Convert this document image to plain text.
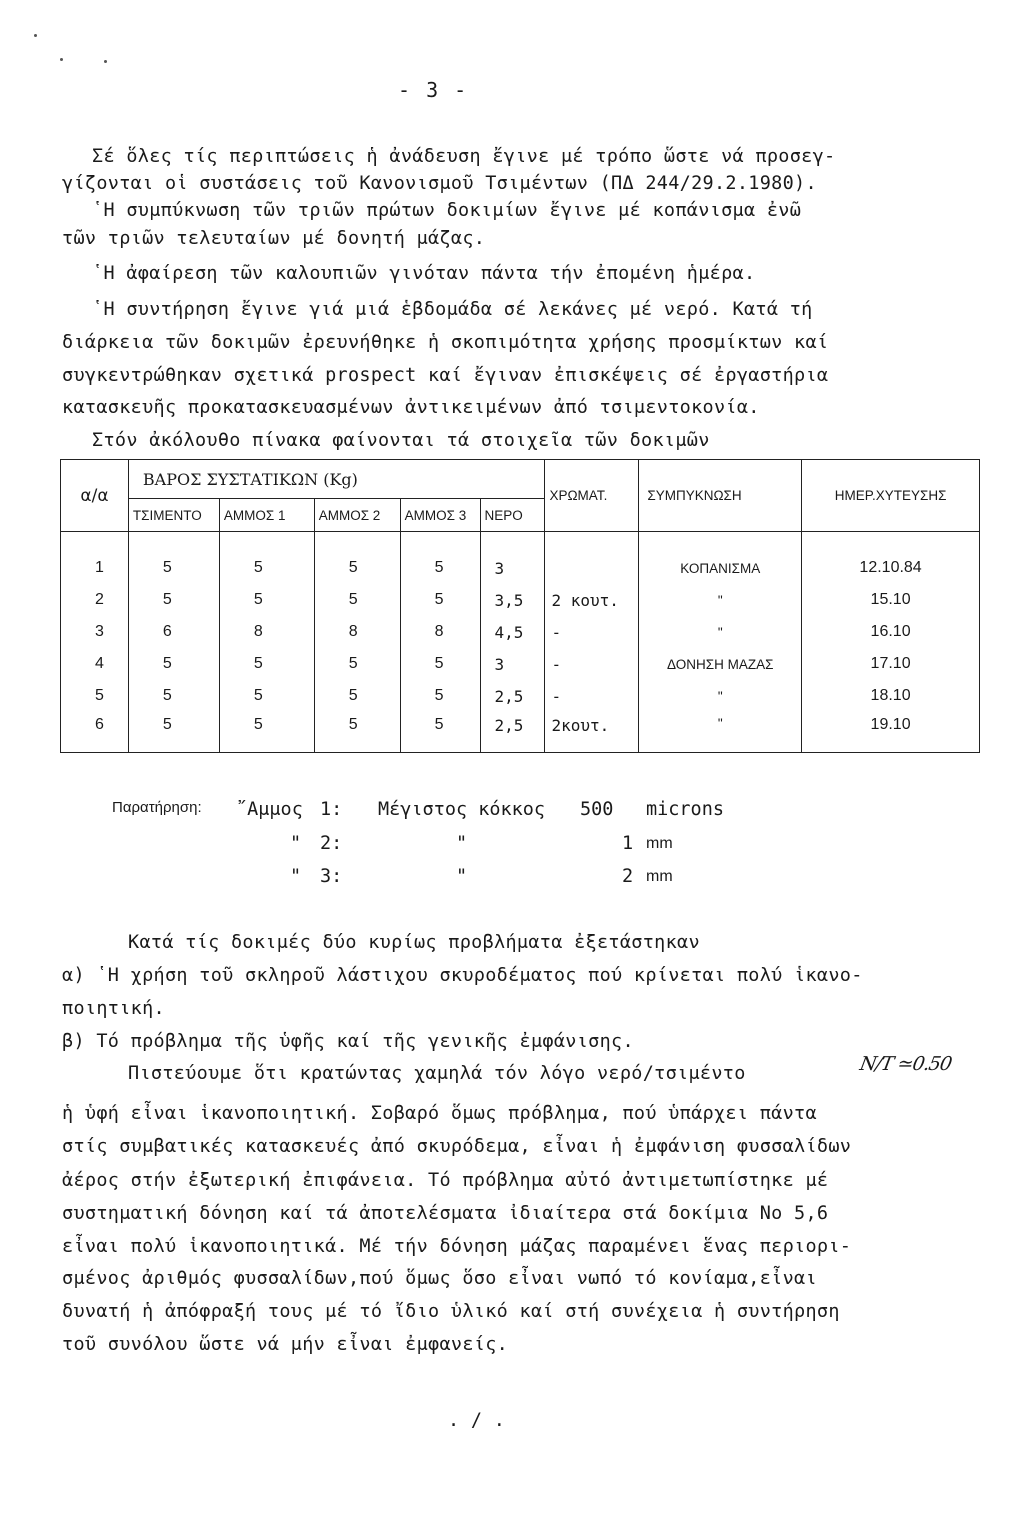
- 3 -
Σέ ὅλες τίς περιπτώσεις ἡ ἀνάδευση ἔγινε μέ τρόπο ὥστε νά προσεγ-
γίζονται οἱ συστάσεις τοῦ Κανονισμοῦ Τσιμέντων (ΠΔ 244/29.2.1980).
῾Η συμπύκνωση τῶν τριῶν πρώτων δοκιμίων ἔγινε μέ κοπάνισμα ἐνῶ
τῶν τριῶν τελευταίων μέ δονητή μάζας.
῾Η ἀφαίρεση τῶν καλουπιῶν γινόταν πάντα τήν ἐπομένη ἡμέρα.
῾Η συντήρηση ἔγινε γιά μιά ἑβδομάδα σέ λεκάνες μέ νερό. Κατά τή
διάρκεια τῶν δοκιμῶν ἐρευνήθηκε ἡ σκοπιμότητα χρήσης προσμίκτων καί
συγκεντρώθηκαν σχετικά prospect καί ἔγιναν ἐπισκέψεις σέ ἐργαστήρια
κατασκευῆς προκατασκευασμένων ἀντικειμένων ἀπό τσιμεντοκονία.
Στόν ἀκόλουθο πίνακα φαίνονται τά στοιχεῖα τῶν δοκιμῶν
α/α	ΒΑΡΟΣ ΣΥΣΤΑΤΙΚΩΝ (Kg)					ΧΡΩΜΑΤ.	ΣΥΜΠΥΚΝΩΣΗ	ΗΜΕΡ.ΧΥΤΕΥΣΗΣ
	ΤΣΙΜΕΝΤΟ	ΑΜΜΟΣ 1	ΑΜΜΟΣ 2	ΑΜΜΟΣ 3	ΝΕΡΟ			

1	5	5	5	5	3		ΚΟΠΑΝΙΣΜΑ	12.10.84
2	5	5	5	5	3,5	2 κουτ.	"	15.10
3	6	8	8	8	4,5	-	"	16.10
4	5	5	5	5	3	-	ΔΟΝΗΣΗ ΜΑΖΑΣ	17.10
5	5	5	5	5	2,5	-	"	18.10
6	5	5	5	5	2,5	2κουτ.	"	19.10
Παρατήρηση: ῎Αμμος 1: Μέγιστος κόκκος 500 microns
" 2:	"	1 mm
" 3:	"	2 mm
Κατά τίς δοκιμές δύο κυρίως προβλήματα ἐξετάστηκαν
α) ῾Η χρήση τοῦ σκληροῦ λάστιχου σκυροδέματος πού κρίνεται πολύ ἱκανο-
ποιητική.
β) Τό πρόβλημα τῆς ὑφῆς καί τῆς γενικῆς ἐμφάνισης.
Πιστεύουμε ὅτι κρατώντας χαμηλά τόν λόγο νερό/τσιμέντο	N/T ≃0.50
ἡ ὑφή εἶναι ἱκανοποιητική. Σοβαρό ὅμως πρόβλημα, πού ὑπάρχει πάντα
στίς συμβατικές κατασκευές ἀπό σκυρόδεμα, εἶναι ἡ ἐμφάνιση φυσσαλίδων
ἀέρος στήν ἐξωτερική ἐπιφάνεια. Τό πρόβλημα αὐτό ἀντιμετωπίστηκε μέ
συστηματική δόνηση καί τά ἀποτελέσματα ἰδιαίτερα στά δοκίμια Νο 5,6
εἶναι πολύ ἱκανοποιητικά. Μέ τήν δόνηση μάζας παραμένει ἕνας περιορι-
σμένος ἀριθμός φυσσαλίδων,πού ὅμως ὅσο εἶναι νωπό τό κονίαμα,εἶναι
δυνατή ἡ ἀπόφραξή τους μέ τό ἴδιο ὑλικό καί στή συνέχεια ἡ συντήρηση
τοῦ συνόλου ὥστε νά μήν εἶναι ἐμφανείς.
. / .
